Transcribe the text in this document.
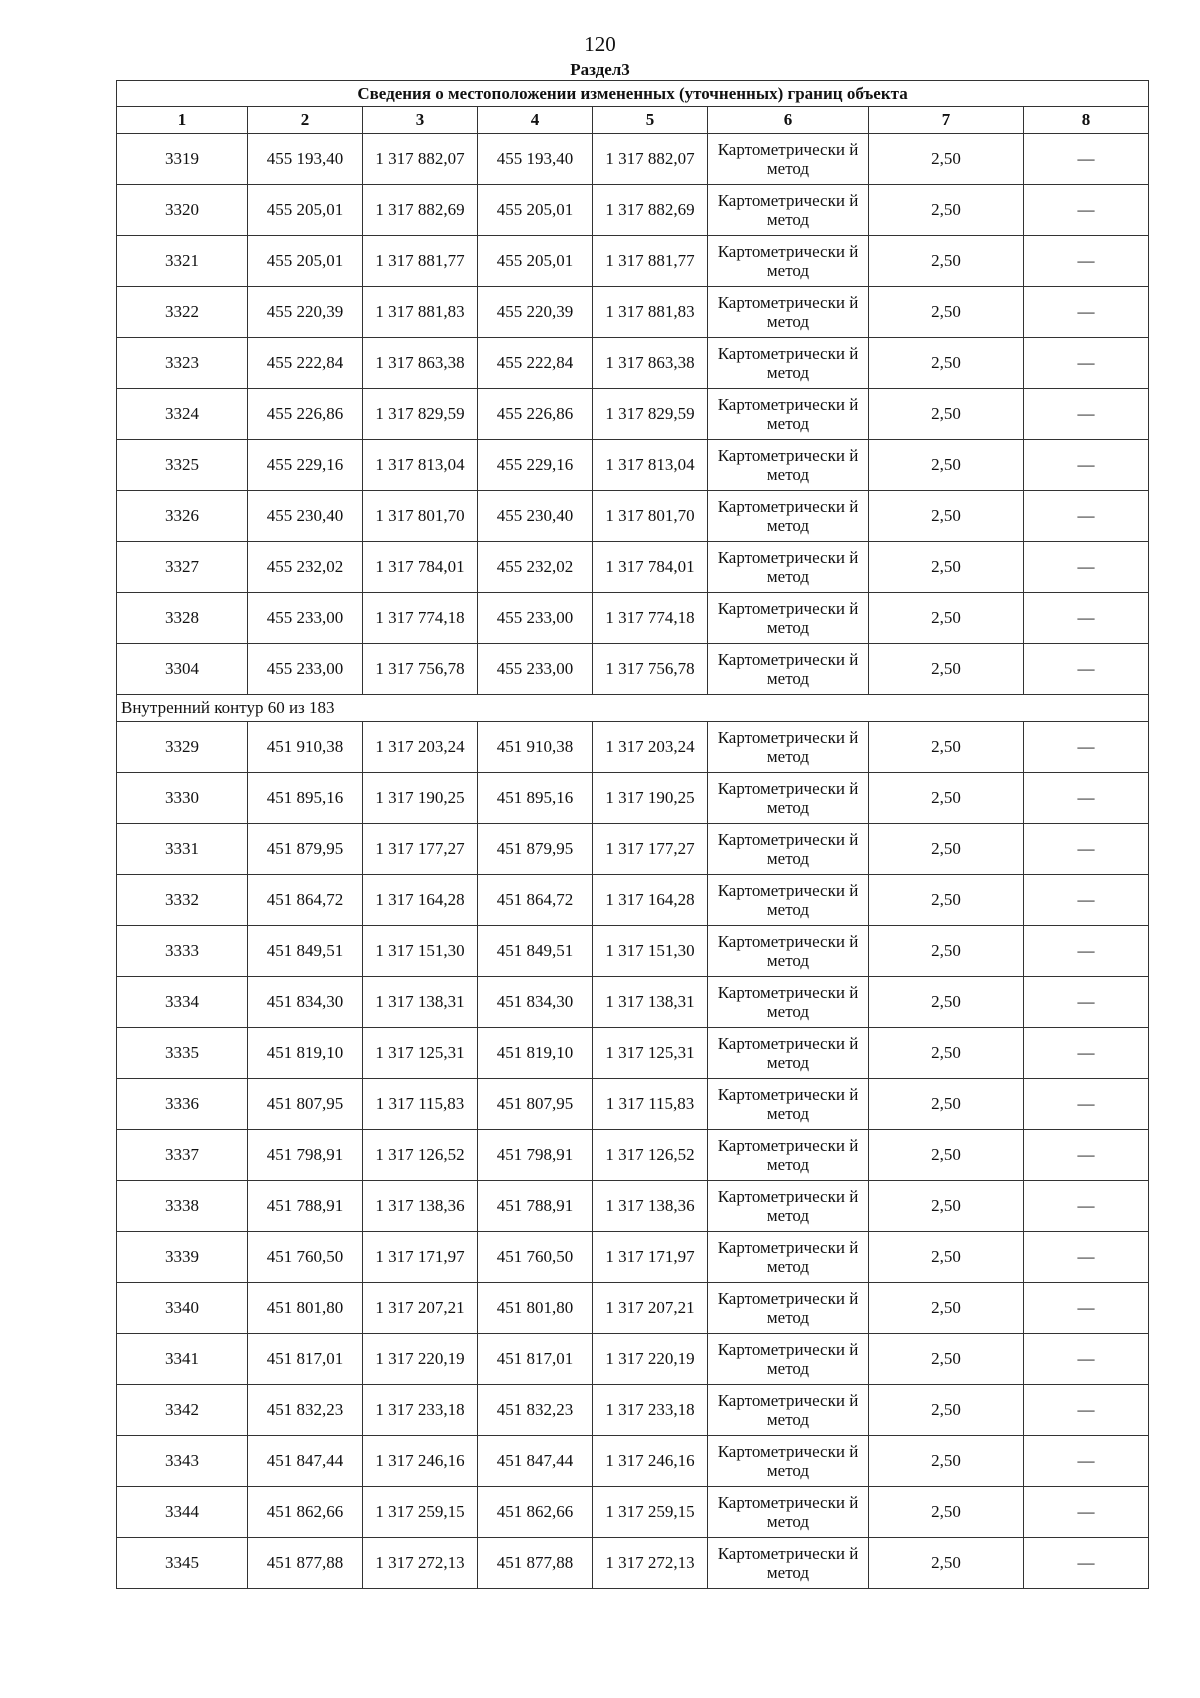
120
Раздел3
Сведения о местоположении измененных (уточненных) границ объекта							
1	2	3	4	5	6	7	8
3319	455 193,40	1 317 882,07	455 193,40	1 317 882,07	Картометрически й метод	2,50	—
3320	455 205,01	1 317 882,69	455 205,01	1 317 882,69	Картометрически й метод	2,50	—
3321	455 205,01	1 317 881,77	455 205,01	1 317 881,77	Картометрически й метод	2,50	—
3322	455 220,39	1 317 881,83	455 220,39	1 317 881,83	Картометрически й метод	2,50	—
3323	455 222,84	1 317 863,38	455 222,84	1 317 863,38	Картометрически й метод	2,50	—
3324	455 226,86	1 317 829,59	455 226,86	1 317 829,59	Картометрически й метод	2,50	—
3325	455 229,16	1 317 813,04	455 229,16	1 317 813,04	Картометрически й метод	2,50	—
3326	455 230,40	1 317 801,70	455 230,40	1 317 801,70	Картометрически й метод	2,50	—
3327	455 232,02	1 317 784,01	455 232,02	1 317 784,01	Картометрически й метод	2,50	—
3328	455 233,00	1 317 774,18	455 233,00	1 317 774,18	Картометрически й метод	2,50	—
3304	455 233,00	1 317 756,78	455 233,00	1 317 756,78	Картометрически й метод	2,50	—
Внутренний контур 60 из 183							
3329	451 910,38	1 317 203,24	451 910,38	1 317 203,24	Картометрически й метод	2,50	—
3330	451 895,16	1 317 190,25	451 895,16	1 317 190,25	Картометрически й метод	2,50	—
3331	451 879,95	1 317 177,27	451 879,95	1 317 177,27	Картометрически й метод	2,50	—
3332	451 864,72	1 317 164,28	451 864,72	1 317 164,28	Картометрически й метод	2,50	—
3333	451 849,51	1 317 151,30	451 849,51	1 317 151,30	Картометрически й метод	2,50	—
3334	451 834,30	1 317 138,31	451 834,30	1 317 138,31	Картометрически й метод	2,50	—
3335	451 819,10	1 317 125,31	451 819,10	1 317 125,31	Картометрически й метод	2,50	—
3336	451 807,95	1 317 115,83	451 807,95	1 317 115,83	Картометрически й метод	2,50	—
3337	451 798,91	1 317 126,52	451 798,91	1 317 126,52	Картометрически й метод	2,50	—
3338	451 788,91	1 317 138,36	451 788,91	1 317 138,36	Картометрически й метод	2,50	—
3339	451 760,50	1 317 171,97	451 760,50	1 317 171,97	Картометрически й метод	2,50	—
3340	451 801,80	1 317 207,21	451 801,80	1 317 207,21	Картометрически й метод	2,50	—
3341	451 817,01	1 317 220,19	451 817,01	1 317 220,19	Картометрически й метод	2,50	—
3342	451 832,23	1 317 233,18	451 832,23	1 317 233,18	Картометрически й метод	2,50	—
3343	451 847,44	1 317 246,16	451 847,44	1 317 246,16	Картометрически й метод	2,50	—
3344	451 862,66	1 317 259,15	451 862,66	1 317 259,15	Картометрически й метод	2,50	—
3345	451 877,88	1 317 272,13	451 877,88	1 317 272,13	Картометрически й метод	2,50	—
